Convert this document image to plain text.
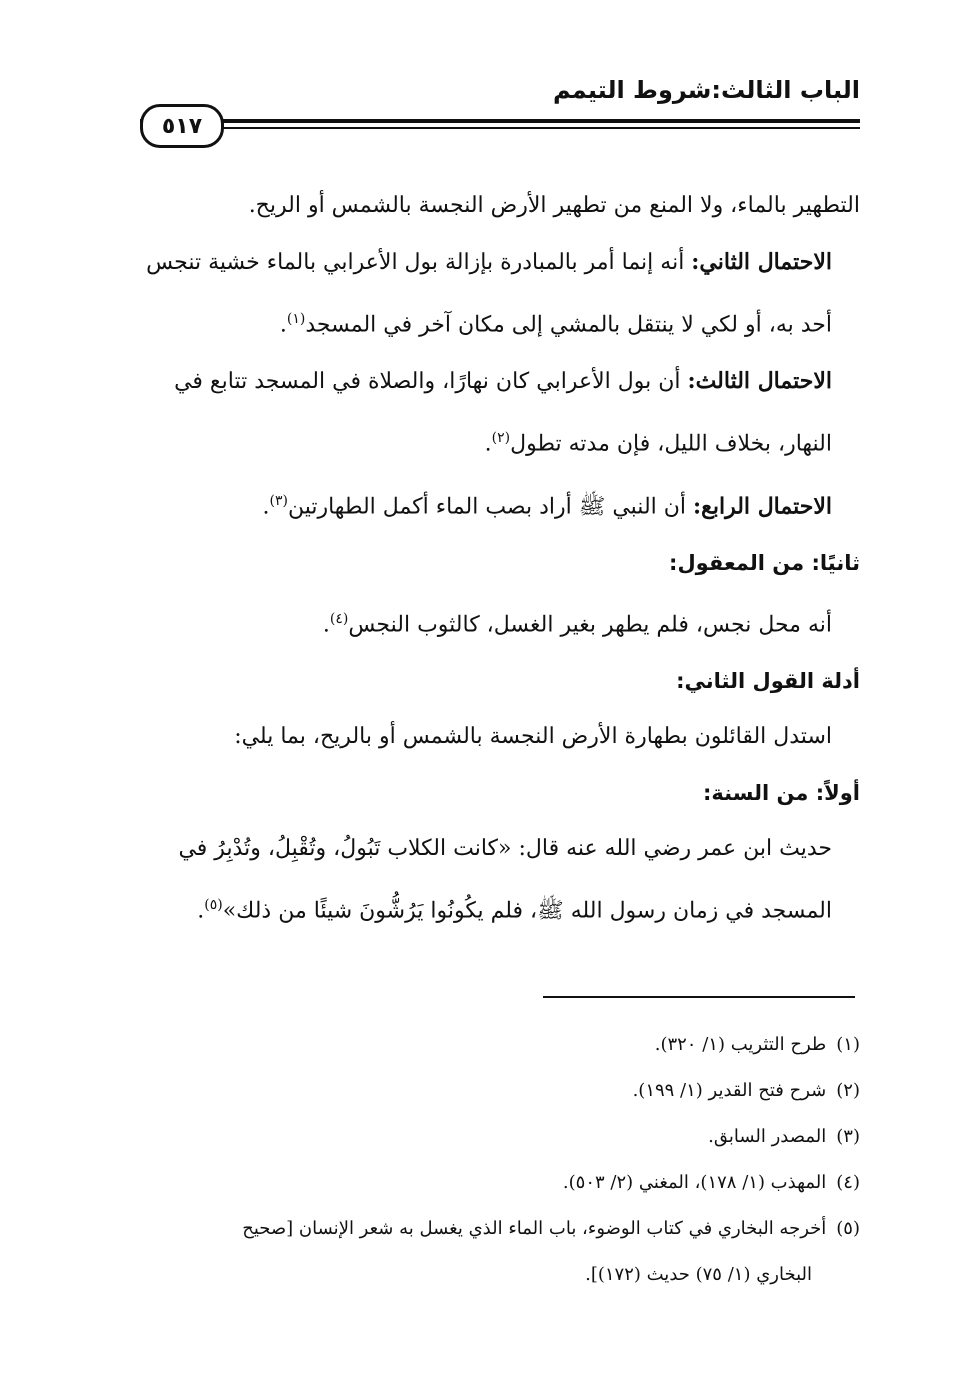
الباب الثالث:شروط التيمم
٥١٧

التطهير بالماء، ولا المنع من تطهير الأرض النجسة بالشمس أو الريح.

الاحتمال الثاني: أنه إنما أمر بالمبادرة بإزالة بول الأعرابي بالماء خشية تنجس أحد به، أو لكي لا ينتقل بالمشي إلى مكان آخر في المسجد$^{(١)}$.

الاحتمال الثالث: أن بول الأعرابي كان نهارًا، والصلاة في المسجد تتابع في النهار، بخلاف الليل، فإن مدته تطول$^{(٢)}$.

الاحتمال الرابع: أن النبي ﷺ أراد بصب الماء أكمل الطهارتين$^{(٣)}$.

ثانيًا: من المعقول:

أنه محل نجس، فلم يطهر بغير الغسل، كالثوب النجس$^{(٤)}$.

أدلة القول الثاني:

استدل القائلون بطهارة الأرض النجسة بالشمس أو بالريح، بما يلي:

أولاً: من السنة:

حديث ابن عمر رضي الله عنه قال: «كانت الكلاب تَبُولُ، وتُقْبِلُ، وتُدْبِرُ في المسجد في زمان رسول الله ﷺ، فلم يكُونُوا يَرُشُّونَ شيئًا من ذلك»$^{(٥)}$.

(١)طرح التثريب (١/ ٣٢٠).

(٢)شرح فتح القدير (١/ ١٩٩).

(٣)المصدر السابق.

(٤)المهذب (١/ ١٧٨)، المغني (٢/ ٥٠٣).

(٥)أخرجه البخاري في كتاب الوضوء، باب الماء الذي يغسل به شعر الإنسان [صحيح

البخاري (١/ ٧٥) حديث (١٧٢)].
